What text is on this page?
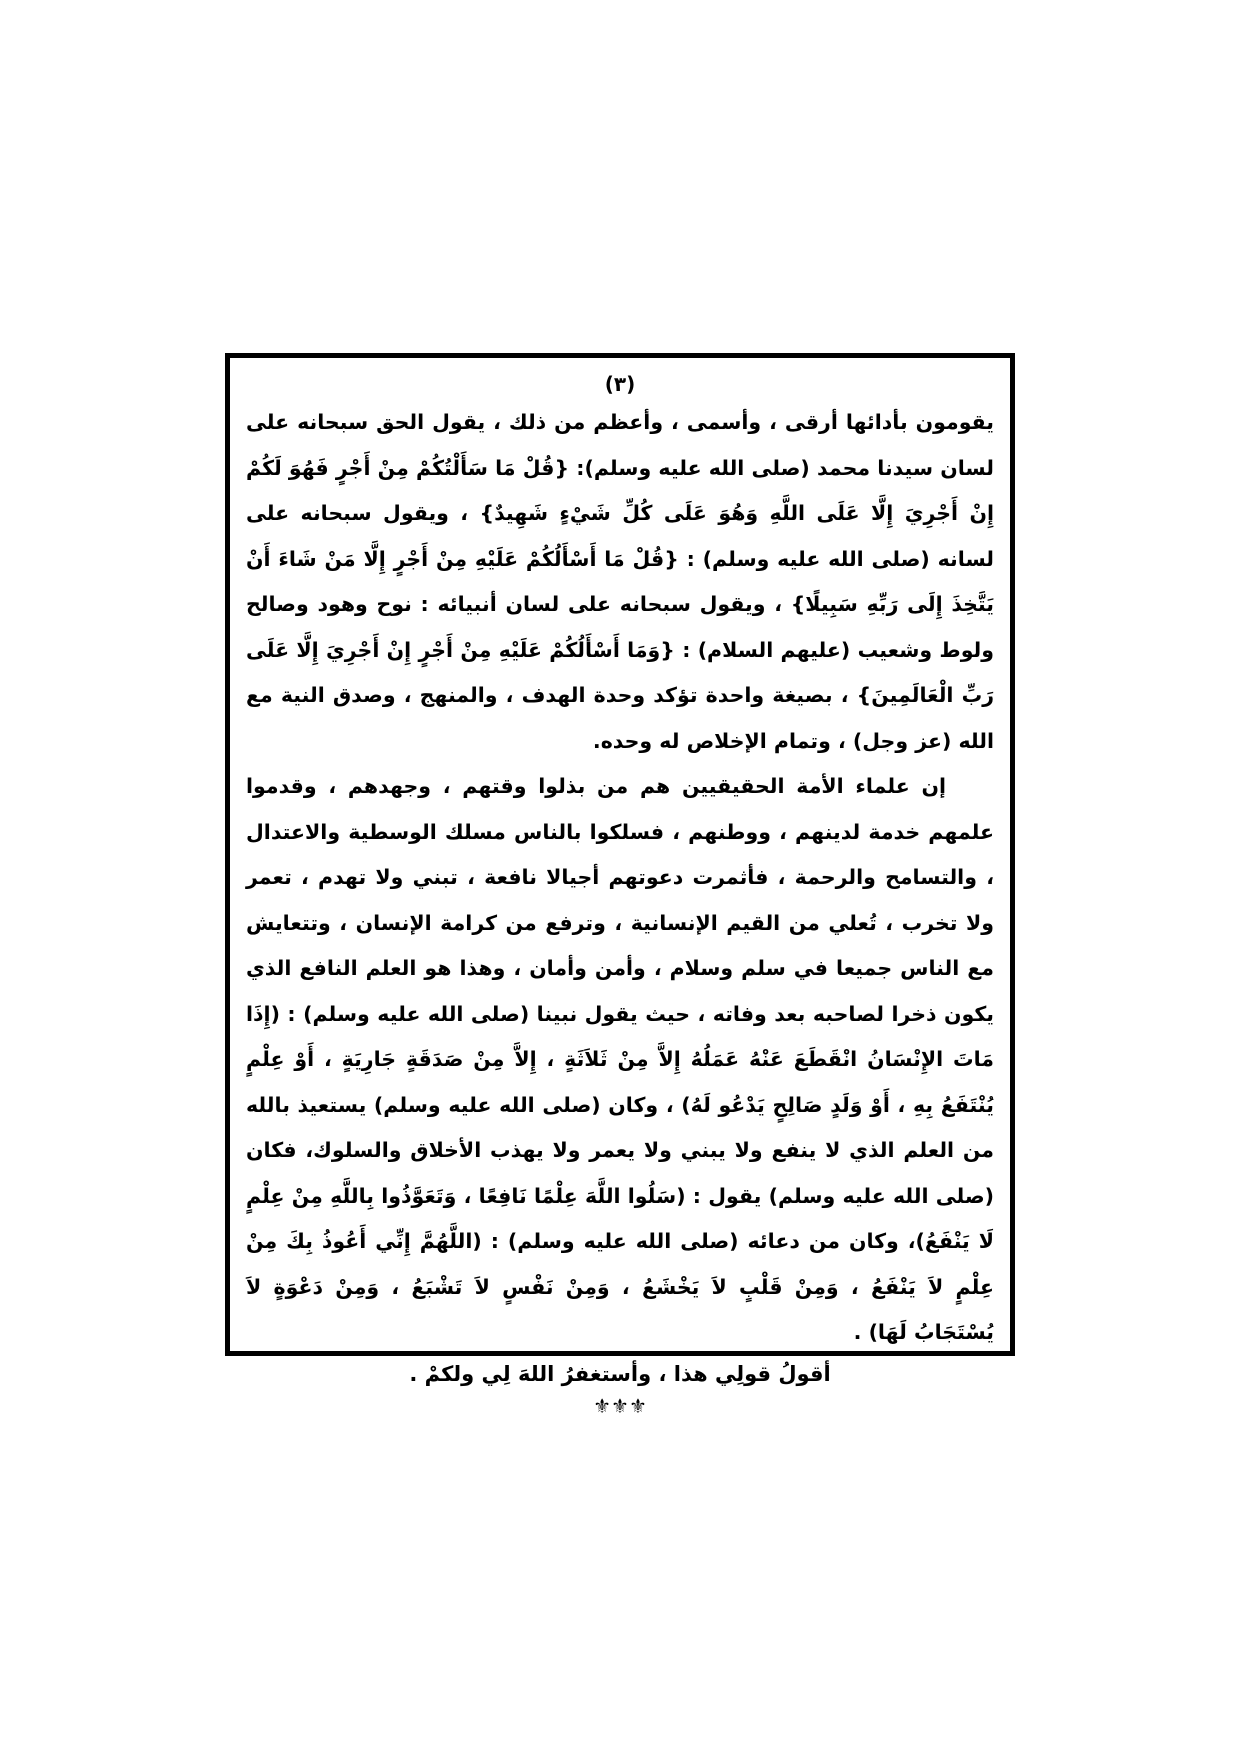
(٣)

يقومون بأدائها أرقى ، وأسمى ، وأعظم من ذلك ، يقول الحق سبحانه على لسان سيدنا محمد (صلى الله عليه وسلم): {قُلْ مَا سَأَلْتُكُمْ مِنْ أَجْرٍ فَهُوَ لَكُمْ إِنْ أَجْرِيَ إِلَّا عَلَى اللَّهِ وَهُوَ عَلَى كُلِّ شَيْءٍ شَهِيدٌ} ، ويقول سبحانه على لسانه (صلى الله عليه وسلم) : {قُلْ مَا أَسْأَلُكُمْ عَلَيْهِ مِنْ أَجْرٍ إِلَّا مَنْ شَاءَ أَنْ يَتَّخِذَ إِلَى رَبِّهِ سَبِيلًا} ، ويقول سبحانه على لسان أنبيائه : نوح وهود وصالح ولوط وشعيب (عليهم السلام) : {وَمَا أَسْأَلُكُمْ عَلَيْهِ مِنْ أَجْرٍ إِنْ أَجْرِيَ إِلَّا عَلَى رَبِّ الْعَالَمِينَ} ، بصيغة واحدة تؤكد وحدة الهدف ، والمنهج ، وصدق النية مع الله (عز وجل) ، وتمام الإخلاص له وحده.

إن علماء الأمة الحقيقيين هم من بذلوا وقتهم ، وجهدهم ، وقدموا علمهم خدمة لدينهم ، ووطنهم ، فسلكوا بالناس مسلك الوسطية والاعتدال ، والتسامح والرحمة ، فأثمرت دعوتهم أجيالا نافعة ، تبني ولا تهدم ، تعمر ولا تخرب ، تُعلي من القيم الإنسانية ، وترفع من كرامة الإنسان ، وتتعايش مع الناس جميعا في سلم وسلام ، وأمن وأمان ، وهذا هو العلم النافع الذي يكون ذخرا لصاحبه بعد وفاته ، حيث يقول نبينا (صلى الله عليه وسلم) : (إِذَا مَاتَ الإِنْسَانُ انْقَطَعَ عَنْهُ عَمَلُهُ إِلاَّ مِنْ ثَلاَثَةٍ ، إِلاَّ مِنْ صَدَقَةٍ جَارِيَةٍ ، أَوْ عِلْمٍ يُنْتَفَعُ بِهِ ، أَوْ وَلَدٍ صَالِحٍ يَدْعُو لَهُ) ، وكان (صلى الله عليه وسلم) يستعيذ بالله من العلم الذي لا ينفع ولا يبني ولا يعمر ولا يهذب الأخلاق والسلوك، فكان (صلى الله عليه وسلم) يقول : (سَلُوا اللَّهَ عِلْمًا نَافِعًا ، وَتَعَوَّذُوا بِاللَّهِ مِنْ عِلْمٍ لَا يَنْفَعُ)، وكان من دعائه (صلى الله عليه وسلم) : (اللَّهُمَّ إِنِّي أَعُوذُ بِكَ مِنْ عِلْمٍ لاَ يَنْفَعُ ، وَمِنْ قَلْبٍ لاَ يَخْشَعُ ، وَمِنْ نَفْسٍ لاَ تَشْبَعُ ، وَمِنْ دَعْوَةٍ لاَ يُسْتَجَابُ لَهَا) .

أقولُ قولِي هذا ، وأستغفرُ اللهَ لِي ولكمْ .

⚜⚜⚜
